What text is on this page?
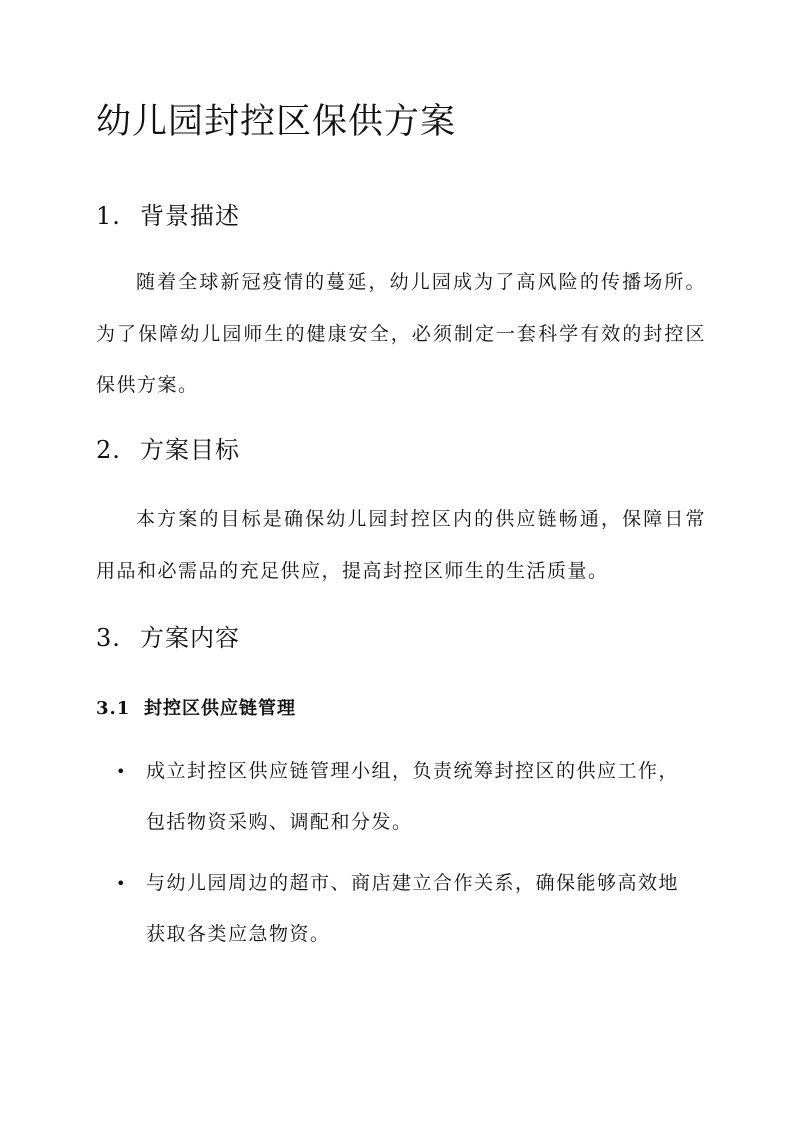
幼儿园封控区保供方案
1. 背景描述

随着全球新冠疫情的蔓延，幼儿园成为了高风险的传播场所。为了保障幼儿园师生的健康安全，必须制定一套科学有效的封控区保供方案。

2. 方案目标

本方案的目标是确保幼儿园封控区内的供应链畅通，保障日常用品和必需品的充足供应，提高封控区师生的生活质量。

3. 方案内容
3.1 封控区供应链管理
•	成立封控区供应链管理小组，负责统筹封控区的供应工作，包括物资采购、调配和分发。
•	与幼儿园周边的超市、商店建立合作关系，确保能够高效地获取各类应急物资。
